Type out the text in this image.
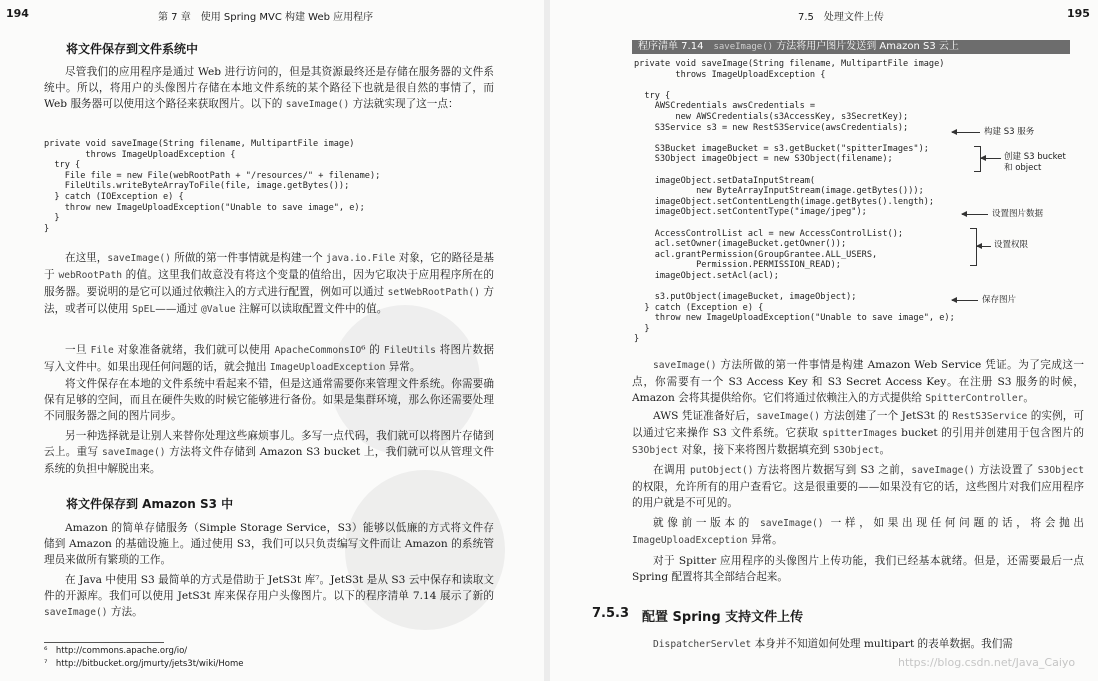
194	第 7 章　使用 Spring MVC 构建 Web 应用程序
将文件保存到文件系统中

尽管我们的应用程序是通过 Web 进行访问的，但是其资源最终还是存储在服务器的文件系统中。所以，将用户的头像图片存储在本地文件系统的某个路径下也就是很自然的事情了，而 Web 服务器可以使用这个路径来获取图片。以下的 saveImage() 方法就实现了这一点：

private void saveImage(String filename, MultipartFile image)
throws ImageUploadException {
try {
File file = new File(webRootPath + "/resources/" + filename);
FileUtils.writeByteArrayToFile(file, image.getBytes());
} catch (IOException e) {
throw new ImageUploadException("Unable to save image", e);
}
}

在这里，saveImage() 所做的第一件事情就是构建一个 java.io.File 对象，它的路径是基于 webRootPath 的值。这里我们故意没有将这个变量的值给出，因为它取决于应用程序所在的服务器。要说明的是它可以通过依赖注入的方式进行配置，例如可以通过 setWebRootPath() 方法，或者可以使用 SpEL——通过 @Value 注解可以读取配置文件中的值。

一旦 File 对象准备就绪，我们就可以使用 ApacheCommonsIO⁶ 的 FileUtils 将图片数据写入文件中。如果出现任何问题的话，就会抛出 ImageUploadException 异常。

将文件保存在本地的文件系统中看起来不错，但是这通常需要你来管理文件系统。你需要确保有足够的空间，而且在硬件失败的时候它能够进行备份。如果是集群环境，那么你还需要处理不同服务器之间的图片同步。

另一种选择就是让别人来替你处理这些麻烦事儿。多写一点代码，我们就可以将图片存储到云上。重写 saveImage() 方法将文件存储到 Amazon S3 bucket 上，我们就可以从管理文件系统的负担中解脱出来。

将文件保存到 Amazon S3 中

Amazon 的简单存储服务（Simple Storage Service，S3）能够以低廉的方式将文件存储到 Amazon 的基础设施上。通过使用 S3，我们可以只负责编写文件而让 Amazon 的系统管理员来做所有繁琐的工作。

在 Java 中使用 S3 最简单的方式是借助于 JetS3t 库⁷。JetS3t 是从 S3 云中保存和读取文件的开源库。我们可以使用 JetS3t 库来保存用户头像图片。以下的程序清单 7.14 展示了新的 saveImage() 方法。

⁶　http://commons.apache.org/io/

⁷　http://bitbucket.org/jmurty/jets3t/wiki/Home

7.5　处理文件上传	195
程序清单 7.14　saveImage() 方法将用户图片发送到 Amazon S3 云上
private void saveImage(String filename, MultipartFile image)
throws ImageUploadException {

try {
AWSCredentials awsCredentials =
new AWSCredentials(s3AccessKey, s3SecretKey);
S3Service s3 = new RestS3Service(awsCredentials);

S3Bucket imageBucket = s3.getBucket("spitterImages");
S3Object imageObject = new S3Object(filename);

imageObject.setDataInputStream(
new ByteArrayInputStream(image.getBytes()));
imageObject.setContentLength(image.getBytes().length);
imageObject.setContentType("image/jpeg");

AccessControlList acl = new AccessControlList();
acl.setOwner(imageBucket.getOwner());
acl.grantPermission(GroupGrantee.ALL_USERS,
Permission.PERMISSION_READ);
imageObject.setAcl(acl);

s3.putObject(imageBucket, imageObject);
} catch (Exception e) {
throw new ImageUploadException("Unable to save image", e);
}
}
构建 S3 服务
创建 S3 bucket
和 object
设置图片数据
设置权限
保存图片

saveImage() 方法所做的第一件事情是构建 Amazon Web Service 凭证。为了完成这一点，你需要有一个 S3 Access Key 和 S3 Secret Access Key。在注册 S3 服务的时候，Amazon 会将其提供给你。它们将通过依赖注入的方式提供给 SpitterController。

AWS 凭证准备好后，saveImage() 方法创建了一个 JetS3t 的 RestS3Service 的实例，可以通过它来操作 S3 文件系统。它获取 spitterImages bucket 的引用并创建用于包含图片的 S3Object 对象，接下来将图片数据填充到 S3Object。

在调用 putObject() 方法将图片数据写到 S3 之前，saveImage() 方法设置了 S3Object 的权限，允许所有的用户查看它。这是很重要的——如果没有它的话，这些图片对我们应用程序的用户就是不可见的。

就像前一版本的 saveImage() 一样，如果出现任何问题的话，将会抛出 ImageUploadException 异常。

对于 Spitter 应用程序的头像图片上传功能，我们已经基本就绪。但是，还需要最后一点 Spring 配置将其全部结合起来。

7.5.3 配置 Spring 支持文件上传

DispatcherServlet 本身并不知道如何处理 multipart 的表单数据。我们需

https://blog.csdn.net/Java_Caiyo
